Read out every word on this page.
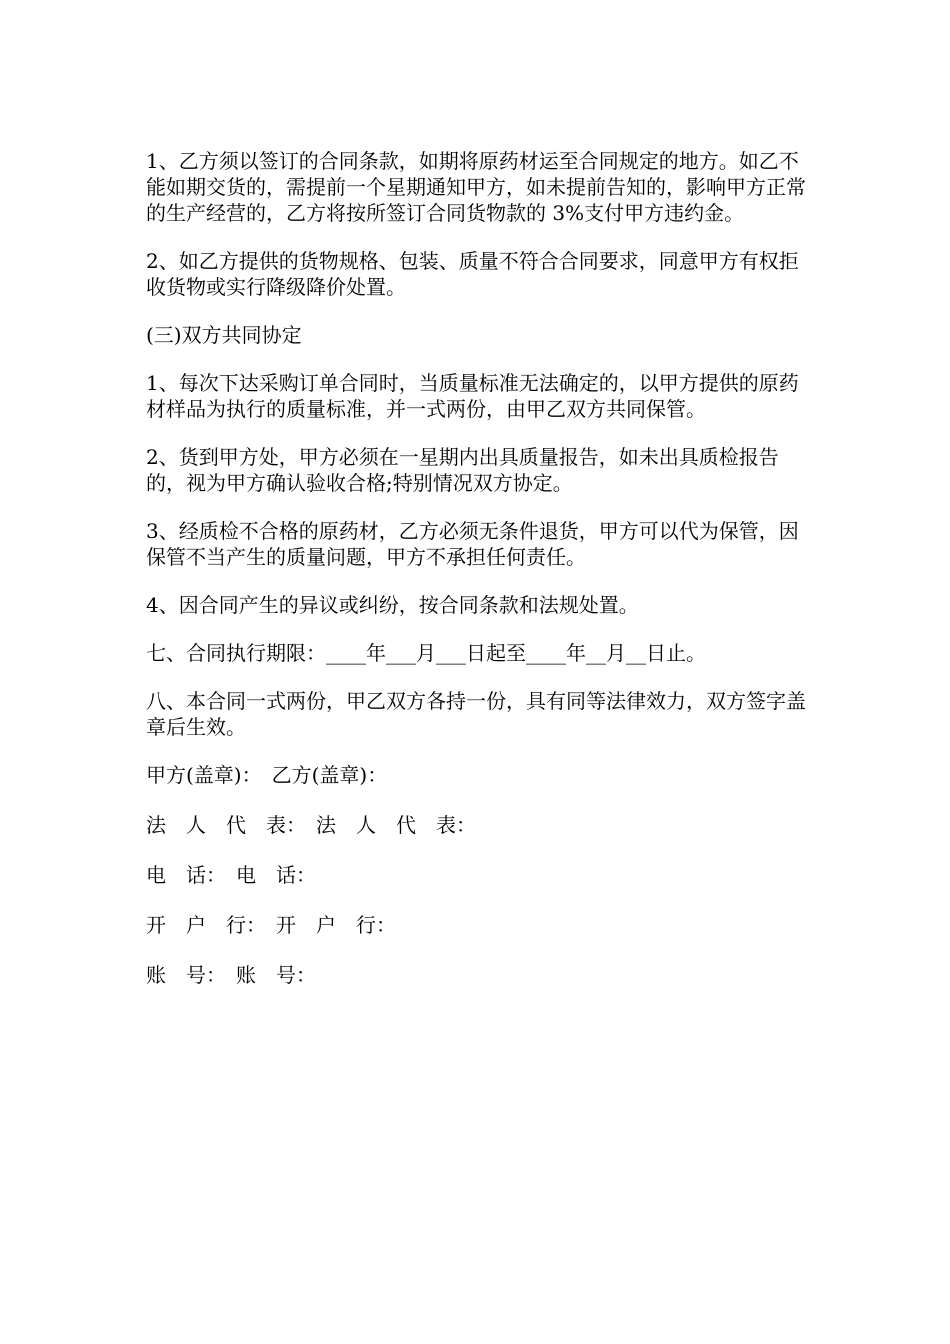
1、乙方须以签订的合同条款，如期将原药材运至合同规定的地方。如乙不能如期交货的，需提前一个星期通知甲方，如未提前告知的，影响甲方正常的生产经营的，乙方将按所签订合同货物款的 3%支付甲方违约金。

2、如乙方提供的货物规格、包装、质量不符合合同要求，同意甲方有权拒收货物或实行降级降价处置。

(三)双方共同协定

1、每次下达采购订单合同时，当质量标准无法确定的，以甲方提供的原药材样品为执行的质量标准，并一式两份，由甲乙双方共同保管。

2、货到甲方处，甲方必须在一星期内出具质量报告，如未出具质检报告的，视为甲方确认验收合格;特别情况双方协定。

3、经质检不合格的原药材，乙方必须无条件退货，甲方可以代为保管，因保管不当产生的质量问题，甲方不承担任何责任。

4、因合同产生的异议或纠纷，按合同条款和法规处置。

七、合同执行期限：____年___月___日起至____年__月__日止。

八、本合同一式两份，甲乙双方各持一份，具有同等法律效力，双方签字盖章后生效。

甲方(盖章)：　乙方(盖章)：

法　人　代　表：　法　人　代　表：

电　话：　电　话：

开　户　行：　开　户　行：

账　号：　账　号：
